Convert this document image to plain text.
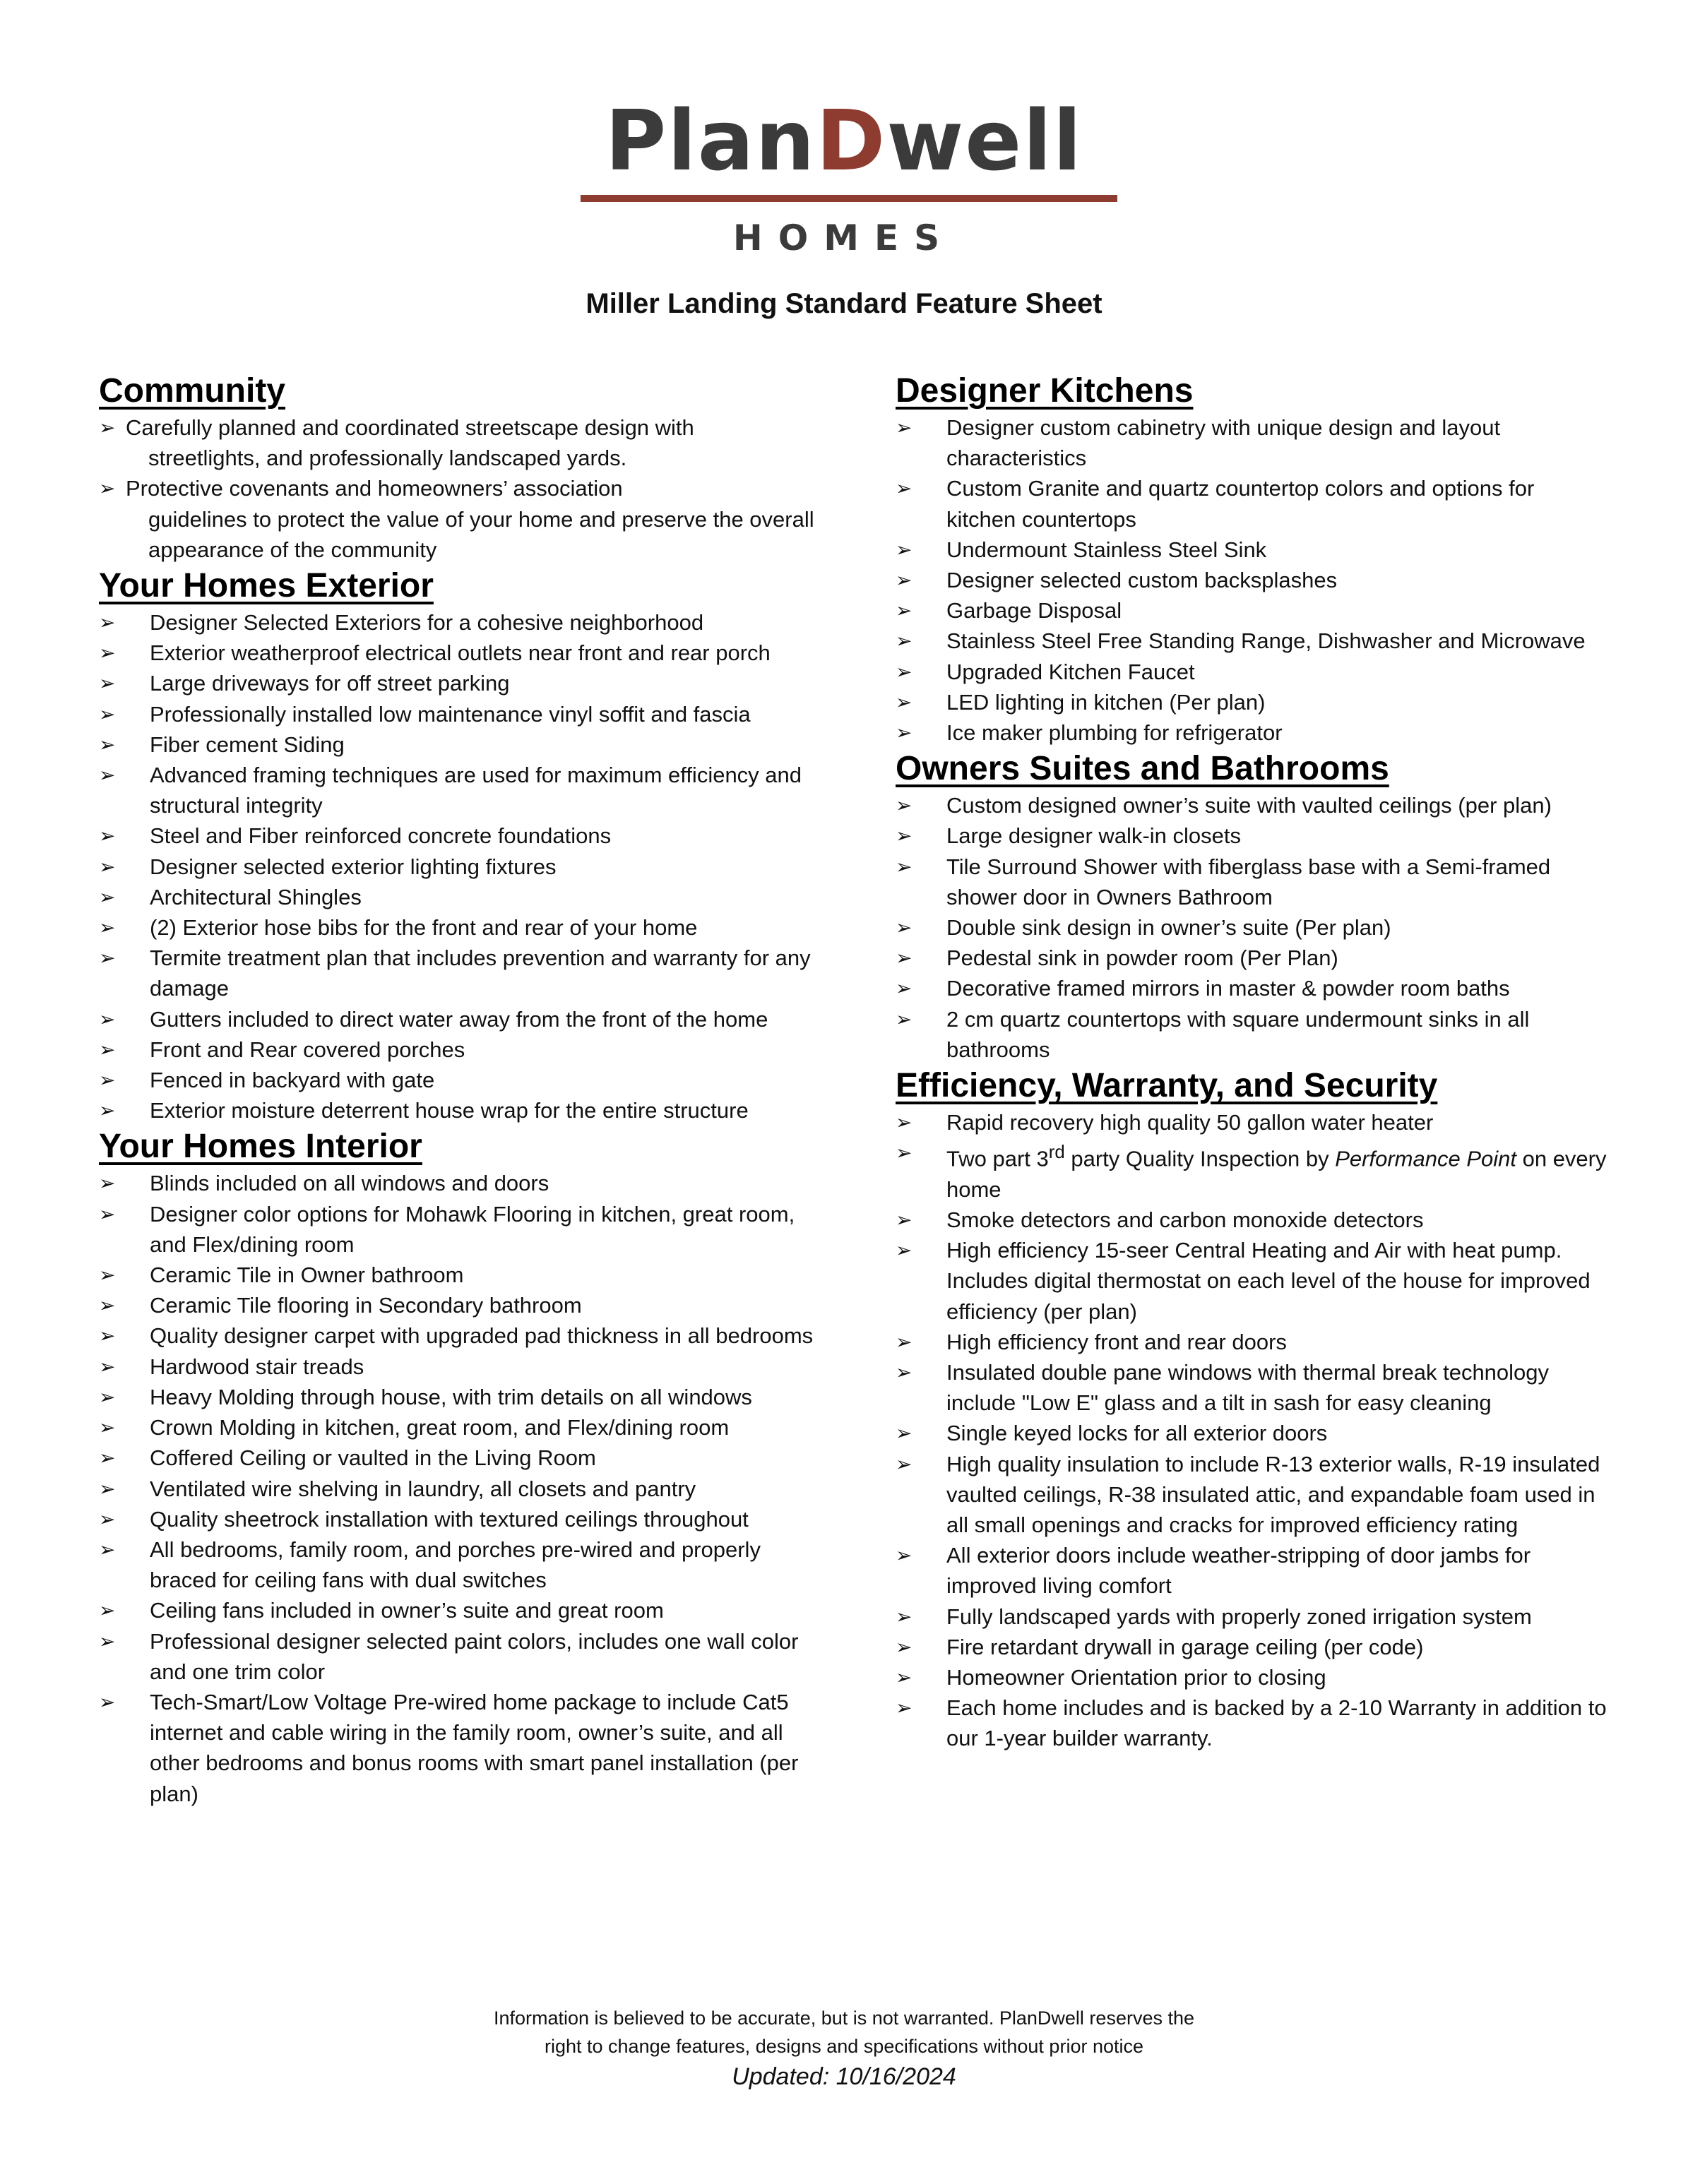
PlanDwell
HOMES
Miller Landing Standard Feature Sheet
Community
➢ Carefully planned and coordinated streetscape design with
streetlights, and professionally landscaped yards.
➢ Protective covenants and homeowners’ association
guidelines to protect the value of your home and preserve the overall appearance of the community
Your Homes Exterior
➢ Designer Selected Exteriors for a cohesive neighborhood
➢ Exterior weatherproof electrical outlets near front and rear porch
➢ Large driveways for off street parking
➢ Professionally installed low maintenance vinyl soffit and fascia
➢ Fiber cement Siding
➢ Advanced framing techniques are used for maximum efficiency and structural integrity
➢ Steel and Fiber reinforced concrete foundations
➢ Designer selected exterior lighting fixtures
➢ Architectural Shingles
➢ (2) Exterior hose bibs for the front and rear of your home
➢ Termite treatment plan that includes prevention and warranty for any damage
➢ Gutters included to direct water away from the front of the home
➢ Front and Rear covered porches
➢ Fenced in backyard with gate
➢ Exterior moisture deterrent house wrap for the entire structure
Your Homes Interior
➢ Blinds included on all windows and doors
➢ Designer color options for Mohawk Flooring in kitchen, great room, and Flex/dining room
➢ Ceramic Tile in Owner bathroom
➢ Ceramic Tile flooring in Secondary bathroom
➢ Quality designer carpet with upgraded pad thickness in all bedrooms
➢ Hardwood stair treads
➢ Heavy Molding through house, with trim details on all windows
➢ Crown Molding in kitchen, great room, and Flex/dining room
➢ Coffered Ceiling or vaulted in the Living Room
➢ Ventilated wire shelving in laundry, all closets and pantry
➢ Quality sheetrock installation with textured ceilings throughout
➢ All bedrooms, family room, and porches pre-wired and properly braced for ceiling fans with dual switches
➢ Ceiling fans included in owner’s suite and great room
➢ Professional designer selected paint colors, includes one wall color and one trim color
➢ Tech-Smart/Low Voltage Pre-wired home package to include Cat5 internet and cable wiring in the family room, owner’s suite, and all other bedrooms and bonus rooms with smart panel installation (per plan)
Designer Kitchens
➢ Designer custom cabinetry with unique design and layout characteristics
➢ Custom Granite and quartz countertop colors and options for kitchen countertops
➢ Undermount Stainless Steel Sink
➢ Designer selected custom backsplashes
➢ Garbage Disposal
➢ Stainless Steel Free Standing Range, Dishwasher and Microwave
➢ Upgraded Kitchen Faucet
➢ LED lighting in kitchen (Per plan)
➢ Ice maker plumbing for refrigerator
Owners Suites and Bathrooms
➢ Custom designed owner’s suite with vaulted ceilings (per plan)
➢ Large designer walk-in closets
➢ Tile Surround Shower with fiberglass base with a Semi-framed shower door in Owners Bathroom
➢ Double sink design in owner’s suite (Per plan)
➢ Pedestal sink in powder room (Per Plan)
➢ Decorative framed mirrors in master & powder room baths
➢ 2 cm quartz countertops with square undermount sinks in all bathrooms
Efficiency, Warranty, and Security
➢ Rapid recovery high quality 50 gallon water heater
➢ Two part 3rd party Quality Inspection by Performance Point on every home
➢ Smoke detectors and carbon monoxide detectors
➢ High efficiency 15-seer Central Heating and Air with heat pump. Includes digital thermostat on each level of the house for improved efficiency (per plan)
➢ High efficiency front and rear doors
➢ Insulated double pane windows with thermal break technology include "Low E" glass and a tilt in sash for easy cleaning
➢ Single keyed locks for all exterior doors
➢ High quality insulation to include R-13 exterior walls, R-19 insulated vaulted ceilings, R-38 insulated attic, and expandable foam used in all small openings and cracks for improved efficiency rating
➢ All exterior doors include weather-stripping of door jambs for improved living comfort
➢ Fully landscaped yards with properly zoned irrigation system
➢ Fire retardant drywall in garage ceiling (per code)
➢ Homeowner Orientation prior to closing
➢ Each home includes and is backed by a 2-10 Warranty in addition to our 1-year builder warranty.
Information is believed to be accurate, but is not warranted. PlanDwell reserves the
right to change features, designs and specifications without prior notice
Updated: 10/16/2024
